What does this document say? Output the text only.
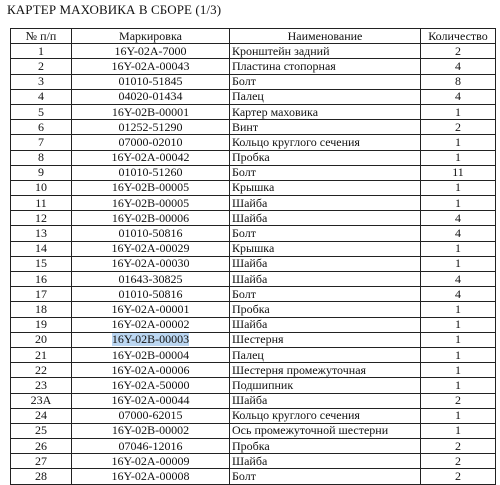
КАРТЕР МАХОВИКА В СБОРЕ (1/3)
№ п/п	Маркировка	Наименование	Количество
1	16Y-02A-7000	Кронштейн задний	2
2	16Y-02A-00043	Пластина стопорная	4
3	01010-51845	Болт	8
4	04020-01434	Палец	4
5	16Y-02B-00001	Картер маховика	1
6	01252-51290	Винт	2
7	07000-02010	Кольцо круглого сечения	1
8	16Y-02A-00042	Пробка	1
9	01010-51260	Болт	11
10	16Y-02B-00005	Крышка	1
11	16Y-02B-00005	Шайба	1
12	16Y-02B-00006	Шайба	4
13	01010-50816	Болт	4
14	16Y-02A-00029	Крышка	1
15	16Y-02A-00030	Шайба	1
16	01643-30825	Шайба	4
17	01010-50816	Болт	4
18	16Y-02A-00001	Пробка	1
19	16Y-02A-00002	Шайба	1
20	16Y-02B-00003	Шестерня	1
21	16Y-02B-00004	Палец	1
22	16Y-02A-00006	Шестерня промежуточная	1
23	16Y-02A-50000	Подшипник	1
23A	16Y-02A-00044	Шайба	2
24	07000-62015	Кольцо круглого сечения	1
25	16Y-02B-00002	Ось промежуточной шестерни	1
26	07046-12016	Пробка	2
27	16Y-02A-00009	Шайба	2
28	16Y-02A-00008	Болт	2
